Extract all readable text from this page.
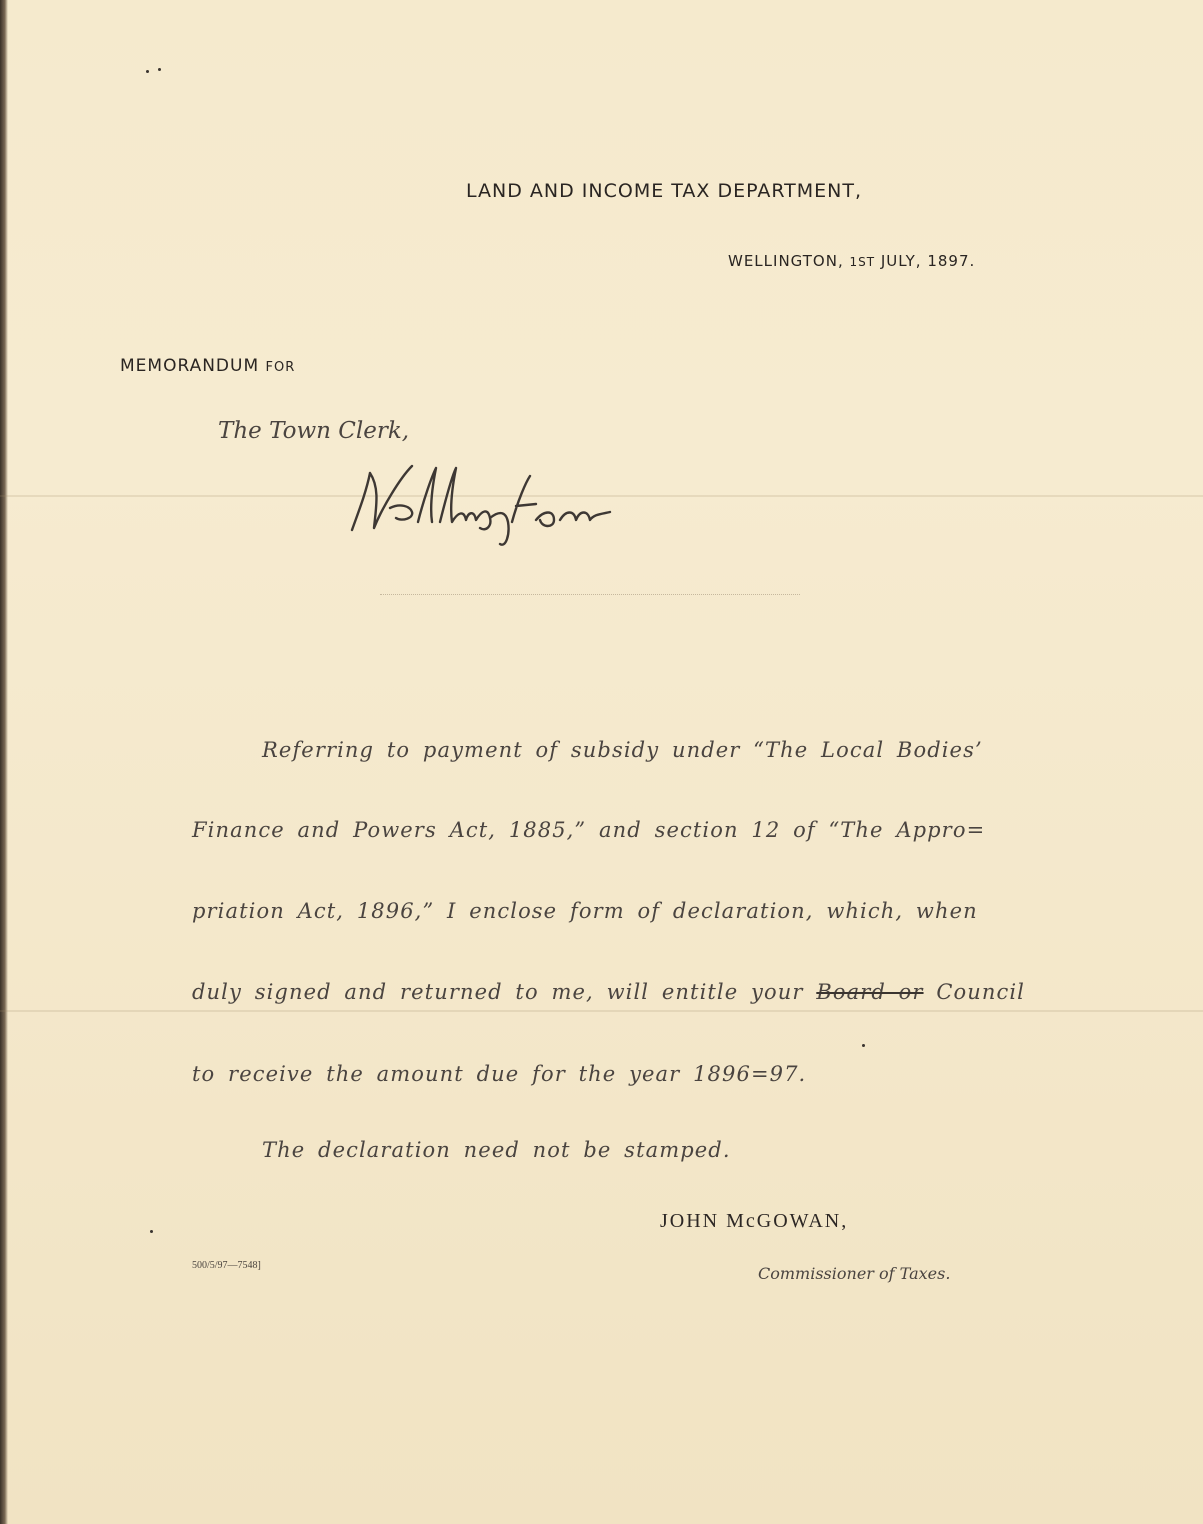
LAND AND INCOME TAX DEPARTMENT,
WELLINGTON, 1ST JULY, 1897.
MEMORANDUM FOR
The Town Clerk,
Referring to payment of subsidy under “The Local Bodies’
Finance and Powers Act, 1885,” and section 12 of “The Appro=
priation Act, 1896,” I enclose form of declaration, which, when
duly signed and returned to me, will entitle your Board or Council
to receive the amount due for the year 1896=97.
The declaration need not be stamped.
JOHN McGOWAN,
Commissioner of Taxes.
500/5/97—7548]
